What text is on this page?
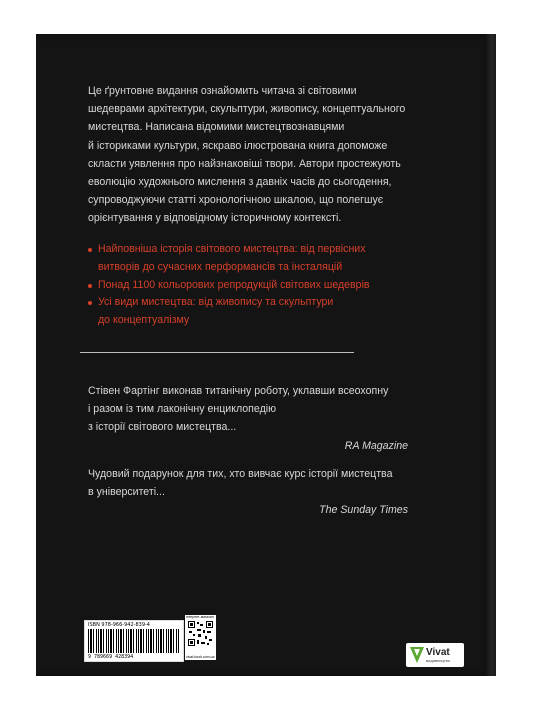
Це ґрунтовне видання ознайомить читача зі світовими
шедеврами архітектури, скульптури, живопису, концептуального
мистецтва. Написана відомими мистецтвознавцями
й істориками культури, яскраво ілюстрована книга допоможе
скласти уявлення про найзнаковіші твори. Автори простежують
еволюцію художнього мислення з давніх часів до сьогодення,
супроводжуючи статті хронологічною шкалою, що полегшує
орієнтування у відповідному історичному контексті.

Найповніша історія світового мистецтва: від первісних
витворів до сучасних перформансів та інсталяцій
Понад 1100 кольорових репродукцій світових шедеврів
Усі види мистецтва: від живопису та скульптури
до концептуалізму
Стівен Фартінг виконав титанічну роботу, уклавши всеохопну
і разом із тим лаконічну енциклопедію
з історії світового мистецтва...
RA Magazine
Чудовий подарунок для тих, хто вивчає курс історії мистецтва
в університеті...
The Sunday Times
ISBN 978-966-942-839-4
9 789669 428394
інтернет-магазин
vivat-book.com.ua	Vivat
видавництво
